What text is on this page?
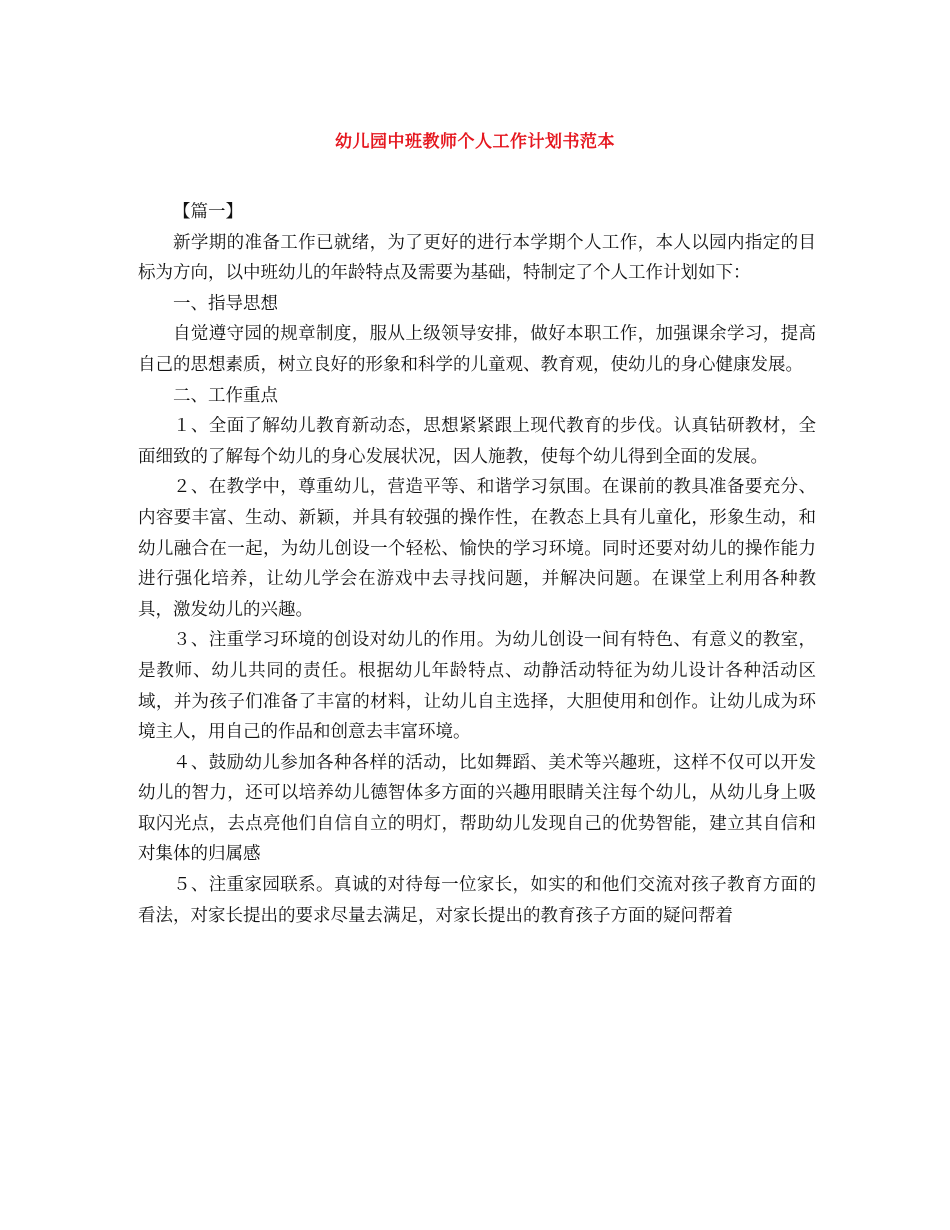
幼儿园中班教师个人工作计划书范本

【篇一】

新学期的准备工作已就绪，为了更好的进行本学期个人工作，本人以园内指定的目标为方向，以中班幼儿的年龄特点及需要为基础，特制定了个人工作计划如下：

一、指导思想

自觉遵守园的规章制度，服从上级领导安排，做好本职工作，加强课余学习，提高自己的思想素质，树立良好的形象和科学的儿童观、教育观，使幼儿的身心健康发展。

二、工作重点

１、全面了解幼儿教育新动态，思想紧紧跟上现代教育的步伐。认真钻研教材，全面细致的了解每个幼儿的身心发展状况，因人施教，使每个幼儿得到全面的发展。

２、在教学中，尊重幼儿，营造平等、和谐学习氛围。在课前的教具准备要充分、内容要丰富、生动、新颖，并具有较强的操作性，在教态上具有儿童化，形象生动，和幼儿融合在一起，为幼儿创设一个轻松、愉快的学习环境。同时还要对幼儿的操作能力进行强化培养，让幼儿学会在游戏中去寻找问题，并解决问题。在课堂上利用各种教具，激发幼儿的兴趣。

３、注重学习环境的创设对幼儿的作用。为幼儿创设一间有特色、有意义的教室，是教师、幼儿共同的责任。根据幼儿年龄特点、动静活动特征为幼儿设计各种活动区域，并为孩子们准备了丰富的材料，让幼儿自主选择，大胆使用和创作。让幼儿成为环境主人，用自己的作品和创意去丰富环境。

４、鼓励幼儿参加各种各样的活动，比如舞蹈、美术等兴趣班，这样不仅可以开发幼儿的智力，还可以培养幼儿德智体多方面的兴趣用眼睛关注每个幼儿，从幼儿身上吸取闪光点，去点亮他们自信自立的明灯，帮助幼儿发现自己的优势智能，建立其自信和对集体的归属感

５、注重家园联系。真诚的对待每一位家长，如实的和他们交流对孩子教育方面的看法，对家长提出的要求尽量去满足，对家长提出的教育孩子方面的疑问帮着
